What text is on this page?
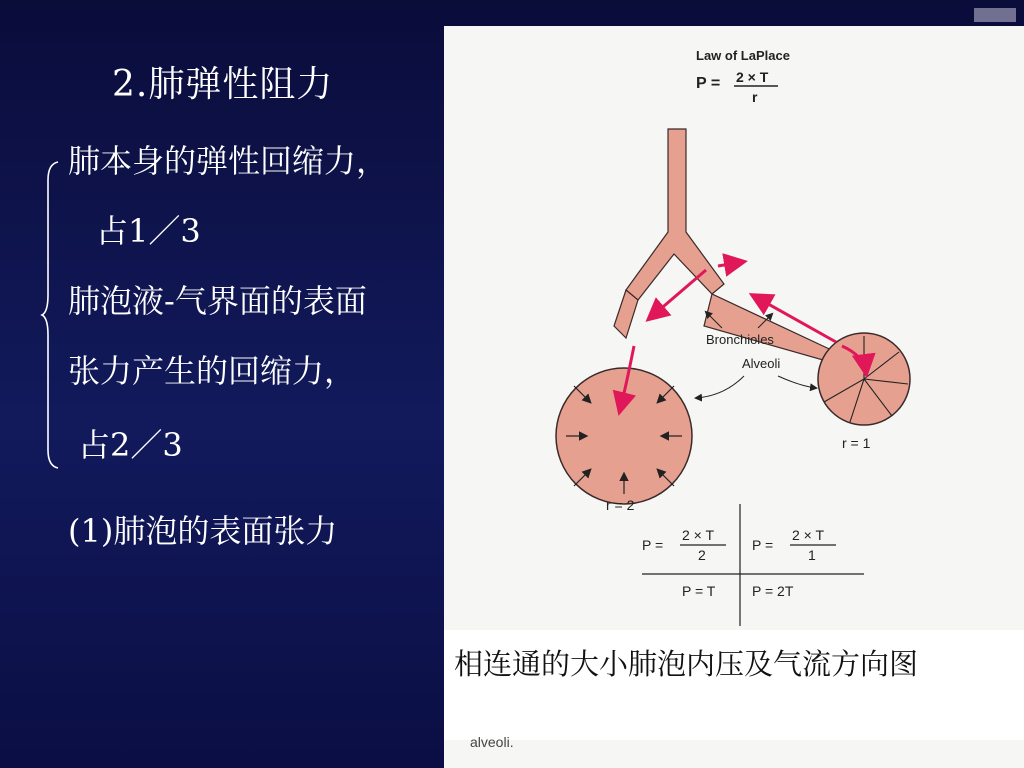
2.肺弹性阻力
肺本身的弹性回缩力，
占1／3
肺泡液-气界面的表面
张力产生的回缩力，
占2／3
(1)肺泡的表面张力
Law of LaPlace
P = 2 × T
r
Bronchioles
Alveoli
r = 1
r = 2
P =
2 × T
2
P =
2 × T
1
P = T	P = 2T
相连通的大小肺泡内压及气流方向图
alveoli.
